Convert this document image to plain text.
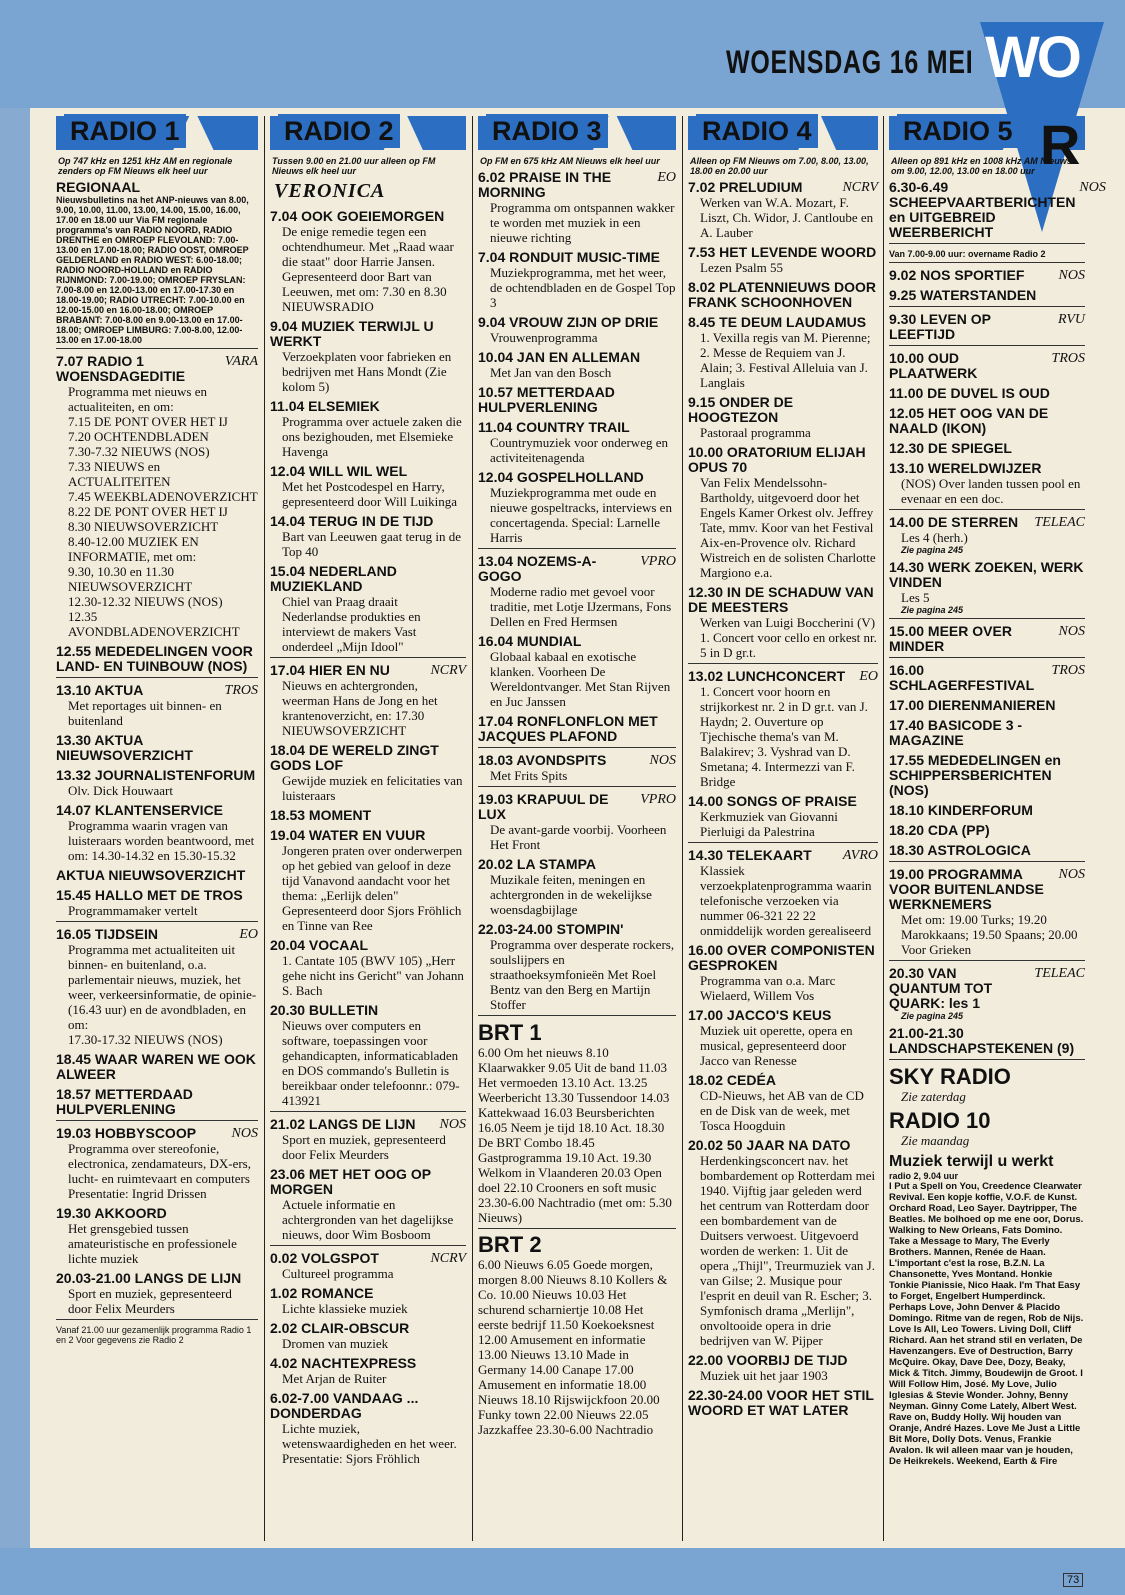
WOENSDAG 16 MEI WO
R
RADIO 1
Op 747 kHz en 1251 kHz AM en regionale zenders op FM Nieuws elk heel uur
REGIONAAL
Nieuwsbulletins na het ANP-nieuws van 8.00, 9.00, 10.00, 11.00, 13.00, 14.00, 15.00, 16.00, 17.00 en 18.00 uur Via FM regionale programma's van RADIO NOORD, RADIO DRENTHE en OMROEP FLEVOLAND: 7.00-13.00 en 17.00-18.00; RADIO OOST, OMROEP GELDERLAND en RADIO WEST: 6.00-18.00; RADIO NOORD-HOLLAND en RADIO RIJNMOND: 7.00-19.00; OMROEP FRYSLAN: 7.00-8.00 en 12.00-13.00 en 17.00-17.30 en 18.00-19.00; RADIO UTRECHT: 7.00-10.00 en 12.00-15.00 en 16.00-18.00; OMROEP BRABANT: 7.00-8.00 en 9.00-13.00 en 17.00-18.00; OMROEP LIMBURG: 7.00-8.00, 12.00-13.00 en 17.00-18.00
7.07 RADIO 1 WOENSDAGEDITIE
VARA
Programma met nieuws en actualiteiten, en om:
7.15 DE PONT OVER HET IJ
7.20 OCHTENDBLADEN
7.30-7.32 NIEUWS (NOS)
7.33 NIEUWS en ACTUALITEITEN
7.45 WEEKBLADENOVERZICHT
8.22 DE PONT OVER HET IJ
8.30 NIEUWSOVERZICHT
8.40-12.00 MUZIEK EN INFORMATIE, met om:
9.30, 10.30 en 11.30 NIEUWSOVERZICHT
12.30-12.32 NIEUWS (NOS)
12.35 AVONDBLADENOVERZICHT
12.55 MEDEDELINGEN VOOR LAND- EN TUINBOUW (NOS)
13.10 AKTUA	TROS
Met reportages uit binnen- en buitenland
13.30 AKTUA NIEUWSOVERZICHT
13.32 JOURNALISTENFORUM
Olv. Dick Houwaart
14.07 KLANTENSERVICE
Programma waarin vragen van luisteraars worden beantwoord, met om: 14.30-14.32 en 15.30-15.32
AKTUA NIEUWSOVERZICHT
15.45 HALLO MET DE TROS
Programmamaker vertelt
16.05 TIJDSEIN	EO
Programma met actualiteiten uit binnen- en buitenland, o.a. parlementair nieuws, muziek, het weer, verkeersinformatie, de opinie- (16.43 uur) en de avondbladen, en om:
17.30-17.32 NIEUWS (NOS)
18.45 WAAR WAREN WE OOK ALWEER
18.57 METTERDAAD HULPVERLENING
19.03 HOBBYSCOOP	NOS
Programma over stereofonie, electronica, zendamateurs, DX-ers, lucht- en ruimtevaart en computers Presentatie: Ingrid Drissen
19.30 AKKOORD
Het grensgebied tussen amateuristische en professionele lichte muziek
20.03-21.00 LANGS DE LIJN
Sport en muziek, gepresenteerd door Felix Meurders
Vanaf 21.00 uur gezamenlijk programma Radio 1 en 2 Voor gegevens zie Radio 2
RADIO 2
Tussen 9.00 en 21.00 uur alleen op FM Nieuws elk heel uur
VERONICA
7.04 OOK GOEIEMORGEN
De enige remedie tegen een ochtendhumeur. Met „Raad waar die staat" door Harrie Jansen. Gepresenteerd door Bart van Leeuwen, met om: 7.30 en 8.30 NIEUWSRADIO
9.04 MUZIEK TERWIJL U WERKT
Verzoekplaten voor fabrieken en bedrijven met Hans Mondt (Zie kolom 5)
11.04 ELSEMIEK
Programma over actuele zaken die ons bezighouden, met Elsemieke Havenga
12.04 WILL WIL WEL
Met het Postcodespel en Harry, gepresenteerd door Will Luikinga
14.04 TERUG IN DE TIJD
Bart van Leeuwen gaat terug in de Top 40
15.04 NEDERLAND MUZIEKLAND
Chiel van Praag draait Nederlandse produkties en interviewt de makers Vast onderdeel „Mijn Idool"
17.04 HIER EN NU	NCRV
Nieuws en achtergronden, weerman Hans de Jong en het krantenoverzicht, en: 17.30 NIEUWSOVERZICHT
18.04 DE WERELD ZINGT GODS LOF
Gewijde muziek en felicitaties van luisteraars
18.53 MOMENT
19.04 WATER EN VUUR
Jongeren praten over onderwerpen op het gebied van geloof in deze tijd Vanavond aandacht voor het thema: „Eerlijk delen" Gepresenteerd door Sjors Fröhlich en Tinne van Ree
20.04 VOCAAL
1. Cantate 105 (BWV 105) „Herr gehe nicht ins Gericht" van Johann S. Bach
20.30 BULLETIN
Nieuws over computers en software, toepassingen voor gehandicapten, informaticabladen en DOS commando's Bulletin is bereikbaar onder telefoonnr.: 079-413921
21.02 LANGS DE LIJN NOS
Sport en muziek, gepresenteerd door Felix Meurders
23.06 MET HET OOG OP MORGEN
Actuele informatie en achtergronden van het dagelijkse nieuws, door Wim Bosboom
0.02 VOLGSPOT	NCRV
Cultureel programma
1.02 ROMANCE
Lichte klassieke muziek
2.02 CLAIR-OBSCUR
Dromen van muziek
4.02 NACHTEXPRESS
Met Arjan de Ruiter
6.02-7.00 VANDAAG ... DONDERDAG
Lichte muziek, wetenswaardigheden en het weer. Presentatie: Sjors Fröhlich
RADIO 3
Op FM en 675 kHz AM Nieuws elk heel uur
6.02 PRAISE IN THE MORNING
EO
Programma om ontspannen wakker te worden met muziek in een nieuwe richting
7.04 RONDUIT MUSIC-TIME
Muziekprogramma, met het weer, de ochtendbladen en de Gospel Top 3
9.04 VROUW ZIJN OP DRIE
Vrouwenprogramma
10.04 JAN EN ALLEMAN
Met Jan van den Bosch
10.57 METTERDAAD HULPVERLENING
11.04 COUNTRY TRAIL
Countrymuziek voor onderweg en activiteitenagenda
12.04 GOSPELHOLLAND
Muziekprogramma met oude en nieuwe gospeltracks, interviews en concertagenda. Special: Larnelle Harris
13.04 NOZEMS-A-GOGO
VPRO
Moderne radio met gevoel voor traditie, met Lotje IJzermans, Fons Dellen en Fred Hermsen
16.04 MUNDIAL
Globaal kabaal en exotische klanken. Voorheen De Wereldontvanger. Met Stan Rijven en Juc Janssen
17.04 RONFLONFLON MET JACQUES PLAFOND
18.03 AVONDSPITS	NOS
Met Frits Spits
19.03 KRAPUUL DE LUX
VPRO
De avant-garde voorbij. Voorheen Het Front
20.02 LA STAMPA
Muzikale feiten, meningen en achtergronden in de wekelijkse woensdagbijlage
22.03-24.00 STOMPIN'
Programma over desperate rockers, soulslijpers en straathoeksymfonieën Met Roel Bentz van den Berg en Martijn Stoffer
BRT 1
6.00 Om het nieuws 8.10 Klaarwakker 9.05 Uit de band 11.03 Het vermoeden 13.10 Act. 13.25 Weerbericht 13.30 Tussendoor 14.03 Kattekwaad 16.03 Beursberichten 16.05 Neem je tijd 18.10 Act. 18.30 De BRT Combo 18.45 Gastprogramma 19.10 Act. 19.30 Welkom in Vlaanderen 20.03 Open doel 22.10 Crooners en soft music 23.30-6.00 Nachtradio (met om: 5.30 Nieuws)
BRT 2
6.00 Nieuws 6.05 Goede morgen, morgen 8.00 Nieuws 8.10 Kollers & Co. 10.00 Nieuws 10.03 Het schurend scharniertje 10.08 Het eerste bedrijf 11.50 Koekoeksnest 12.00 Amusement en informatie 13.00 Nieuws 13.10 Made in Germany 14.00 Canape 17.00 Amusement en informatie 18.00 Nieuws 18.10 Rijswijckfoon 20.00 Funky town 22.00 Nieuws 22.05 Jazzkaffee 23.30-6.00 Nachtradio
RADIO 4
Alleen op FM Nieuws om 7.00, 8.00, 13.00, 18.00 en 20.00 uur
7.02 PRELUDIUM	NCRV
Werken van W.A. Mozart, F. Liszt, Ch. Widor, J. Cantloube en A. Lauber
7.53 HET LEVENDE WOORD
Lezen Psalm 55
8.02 PLATENNIEUWS DOOR FRANK SCHOONHOVEN
8.45 TE DEUM LAUDAMUS
1. Vexilla regis van M. Pierenne; 2. Messe de Requiem van J. Alain; 3. Festival Alleluia van J. Langlais
9.15 ONDER DE HOOGTEZON
Pastoraal programma
10.00 ORATORIUM ELIJAH OPUS 70
Van Felix Mendelssohn-Bartholdy, uitgevoerd door het Engels Kamer Orkest olv. Jeffrey Tate, mmv. Koor van het Festival Aix-en-Provence olv. Richard Wistreich en de solisten Charlotte Margiono e.a.
12.30 IN DE SCHADUW VAN DE MEESTERS
Werken van Luigi Boccherini (V) 1. Concert voor cello en orkest nr. 5 in D gr.t.
13.02 LUNCHCONCERT EO
1. Concert voor hoorn en strijkorkest nr. 2 in D gr.t. van J. Haydn; 2. Ouverture op Tjechische thema's van M. Balakirev; 3. Vyshrad van D. Smetana; 4. Intermezzi van F. Bridge
14.00 SONGS OF PRAISE
Kerkmuziek van Giovanni Pierluigi da Palestrina
14.30 TELEKAART AVRO
Klassiek verzoekplatenprogramma waarin telefonische verzoeken via nummer 06-321 22 22 onmiddelijk worden gerealiseerd
16.00 OVER COMPONISTEN GESPROKEN
Programma van o.a. Marc Wielaerd, Willem Vos
17.00 JACCO'S KEUS
Muziek uit operette, opera en musical, gepresenteerd door Jacco van Renesse
18.02 CEDÉA
CD-Nieuws, het AB van de CD en de Disk van de week, met Tosca Hoogduin
20.02 50 JAAR NA DATO
Herdenkingsconcert nav. het bombardement op Rotterdam mei 1940. Vijftig jaar geleden werd het centrum van Rotterdam door een bombardement van de Duitsers verwoest. Uitgevoerd worden de werken: 1. Uit de opera „Thijl", Treurmuziek van J. van Gilse; 2. Musique pour l'esprit en deuil van R. Escher; 3. Symfonisch drama „Merlijn", onvoltooide opera in drie bedrijven van W. Pijper
22.00 VOORBIJ DE TIJD
Muziek uit het jaar 1903
22.30-24.00 VOOR HET STIL WOORD ET WAT LATER
RADIO 5
Alleen op 891 kHz en 1008 kHz AM Nieuws om 9.00, 12.00, 13.00 en 18.00 uur
6.30-6.49 SCHEEPVAARTBERICHTEN en UITGEBREID WEERBERICHT
NOS
Van 7.00-9.00 uur: overname Radio 2
9.02 NOS SPORTIEF NOS
9.25 WATERSTANDEN
9.30 LEVEN OP LEEFTIJD
RVU
10.00 OUD PLAATWERK
TROS
11.00 DE DUVEL IS OUD
12.05 HET OOG VAN DE NAALD (IKON)
12.30 DE SPIEGEL
13.10 WERELDWIJZER
(NOS) Over landen tussen pool en evenaar en een doc.
14.00 DE STERREN TELEAC
Les 4 (herh.)
Zie pagina 245
14.30 WERK ZOEKEN, WERK VINDEN
Les 5
Zie pagina 245
15.00 MEER OVER MINDER
NOS
16.00 SCHLAGERFESTIVAL
TROS
17.00 DIERENMANIEREN
17.40 BASICODE 3 - MAGAZINE
17.55 MEDEDELINGEN en SCHIPPERSBERICHTEN (NOS)
18.10 KINDERFORUM
18.20 CDA (PP)
18.30 ASTROLOGICA
19.00 PROGRAMMA VOOR BUITENLANDSE WERKNEMERS
NOS
Met om: 19.00 Turks; 19.20 Marokkaans; 19.50 Spaans; 20.00 Voor Grieken
20.30 VAN QUANTUM TOT QUARK: les 1
TELEAC
Zie pagina 245
21.00-21.30 LANDSCHAPSTEKENEN (9)
SKY RADIO
Zie zaterdag
RADIO 10
Zie maandag
Muziek terwijl u werkt
radio 2, 9.04 uur
I Put a Spell on You, Creedence Clearwater Revival. Een kopje koffie, V.O.F. de Kunst. Orchard Road, Leo Sayer. Daytripper, The Beatles. Me bolhoed op me ene oor, Dorus. Walking to New Orleans, Fats Domino. Take a Message to Mary, The Everly Brothers. Mannen, Renée de Haan. L'important c'est la rose, B.Z.N. La Chansonette, Yves Montand. Honkie Tonkie Pianissie, Nico Haak. I'm That Easy to Forget, Engelbert Humperdinck. Perhaps Love, John Denver & Placido Domingo. Ritme van de regen, Rob de Nijs. Love Is All, Leo Towers. Living Doll, Cliff Richard. Aan het strand stil en verlaten, De Havenzangers. Eve of Destruction, Barry McQuire. Okay, Dave Dee, Dozy, Beaky, Mick & Titch. Jimmy, Boudewijn de Groot. I Will Follow Him, José. My Love, Julio Iglesias & Stevie Wonder. Johny, Benny Neyman. Ginny Come Lately, Albert West. Rave on, Buddy Holly. Wij houden van Oranje, André Hazes. Love Me Just a Little Bit More, Dolly Dots. Venus, Frankie Avalon. Ik wil alleen maar van je houden, De Heikrekels. Weekend, Earth & Fire
73
